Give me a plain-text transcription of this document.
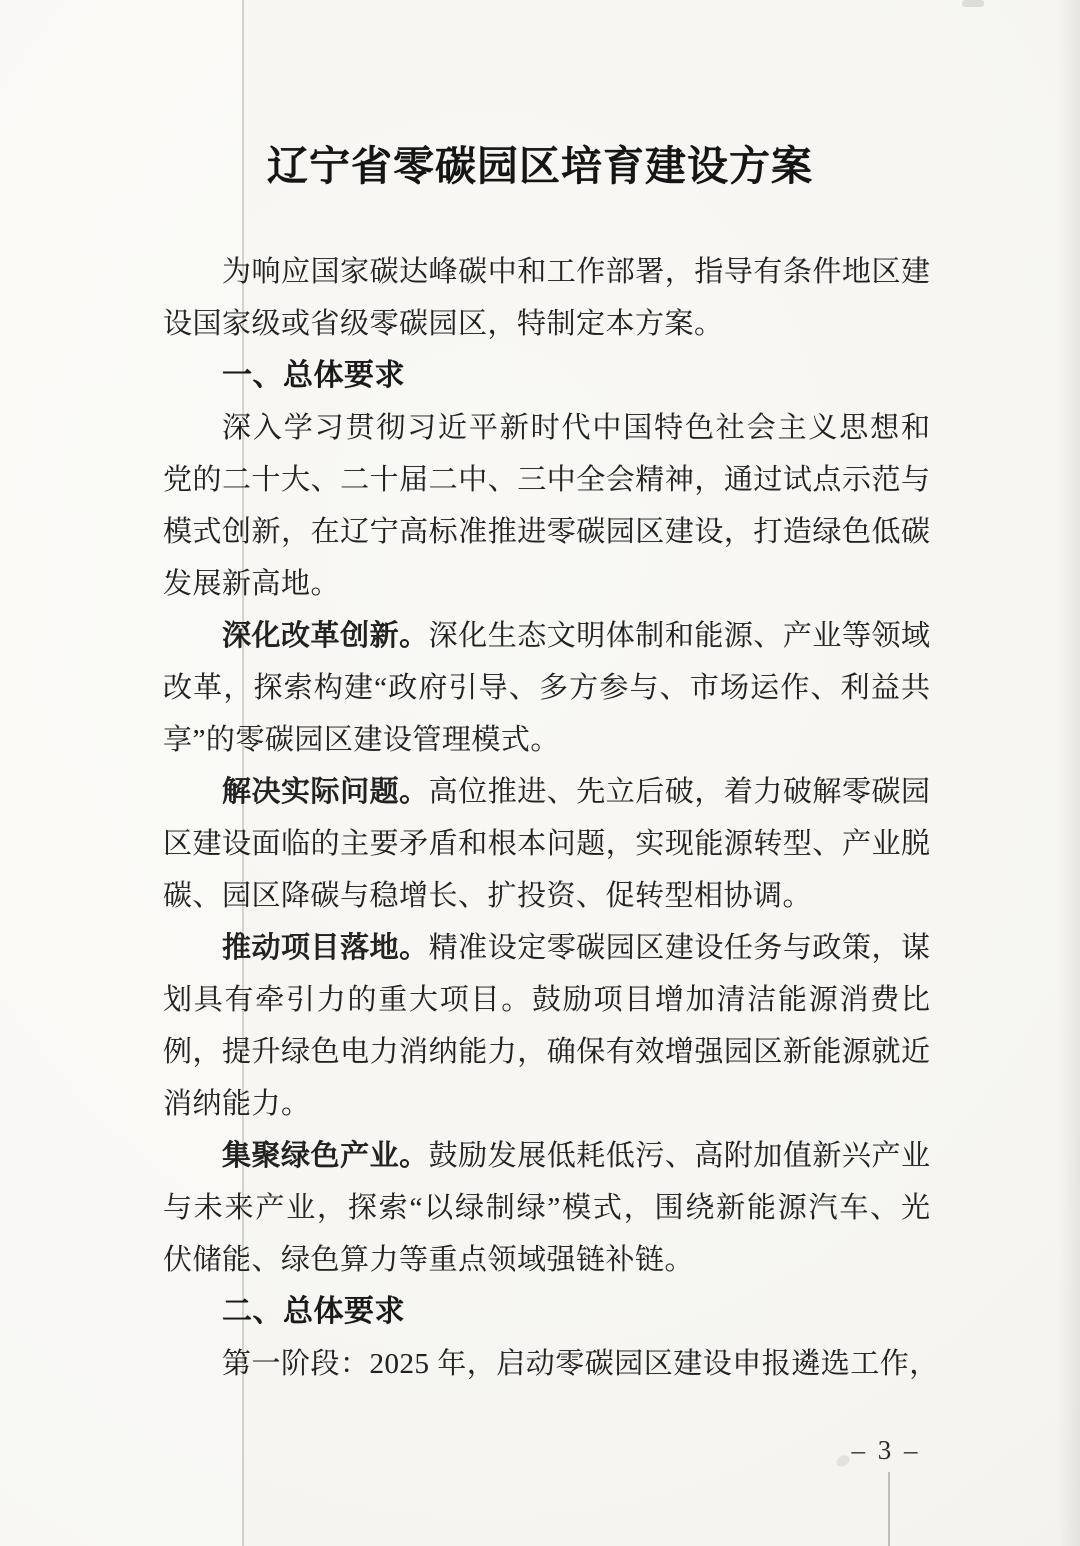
辽宁省零碳园区培育建设方案
为响应国家碳达峰碳中和工作部署，指导有条件地区建
设国家级或省级零碳园区，特制定本方案。
一、总体要求
深入学习贯彻习近平新时代中国特色社会主义思想和
党的二十大、二十届二中、三中全会精神，通过试点示范与
模式创新，在辽宁高标准推进零碳园区建设，打造绿色低碳
发展新高地。
深化改革创新。深化生态文明体制和能源、产业等领域
改革，探索构建“政府引导、多方参与、市场运作、利益共
享”的零碳园区建设管理模式。
解决实际问题。高位推进、先立后破，着力破解零碳园
区建设面临的主要矛盾和根本问题，实现能源转型、产业脱
碳、园区降碳与稳增长、扩投资、促转型相协调。
推动项目落地。精准设定零碳园区建设任务与政策，谋
划具有牵引力的重大项目。鼓励项目增加清洁能源消费比
例，提升绿色电力消纳能力，确保有效增强园区新能源就近
消纳能力。
集聚绿色产业。鼓励发展低耗低污、高附加值新兴产业
与未来产业，探索“以绿制绿”模式，围绕新能源汽车、光
伏储能、绿色算力等重点领域强链补链。
二、总体要求
第一阶段：2025 年，启动零碳园区建设申报遴选工作，
– 3 –
